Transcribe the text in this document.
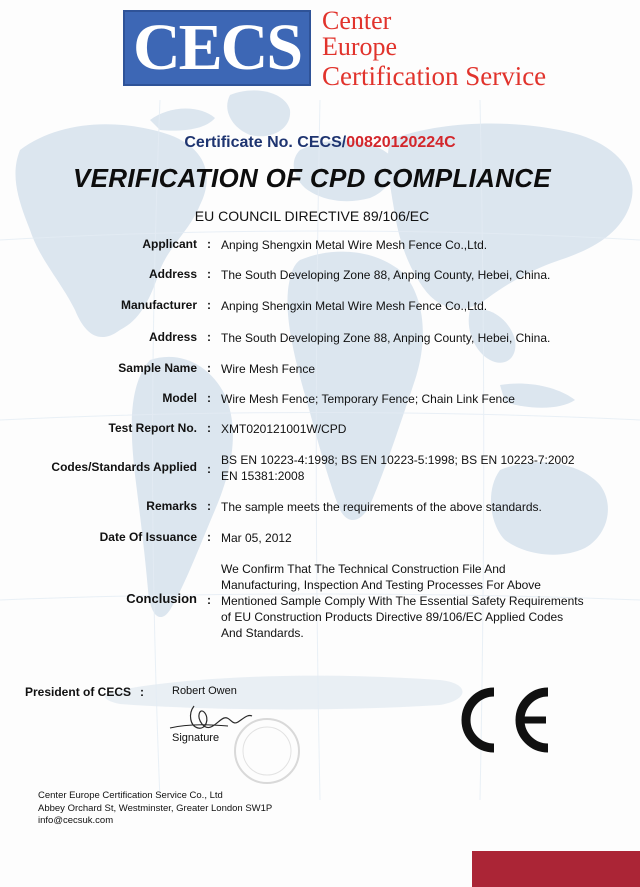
CECS Center
Europe
Certification Service
Certificate No. CECS/00820120224C
VERIFICATION OF CPD COMPLIANCE
EU COUNCIL DIRECTIVE 89/106/EC
Applicant : Anping Shengxin Metal Wire Mesh Fence Co.,Ltd.
Address : The South Developing Zone 88, Anping County, Hebei, China.
Manufacturer : Anping Shengxin Metal Wire Mesh Fence Co.,Ltd.
Address : The South Developing Zone 88, Anping County, Hebei, China.
Sample Name : Wire Mesh Fence
Model : Wire Mesh Fence; Temporary Fence; Chain Link Fence
Test Report No. : XMT020121001W/CPD
Codes/Standards Applied :
BS EN 10223-4:1998; BS EN 10223-5:1998; BS EN 10223-7:2002
EN 15381:2008
Remarks : The sample meets the requirements of the above standards.
Date Of Issuance : Mar 05, 2012
Conclusion :
We Confirm That The Technical Construction File And
Manufacturing, Inspection And Testing Processes For Above
Mentioned Sample Comply With The Essential Safety Requirements
of EU Construction Products Directive 89/106/EC Applied Codes
And Standards.
President of CECS :	Robert Owen
Signature
Center Europe Certification Service Co., Ltd
Abbey Orchard St, Westminster, Greater London SW1P
info@cecsuk.com
